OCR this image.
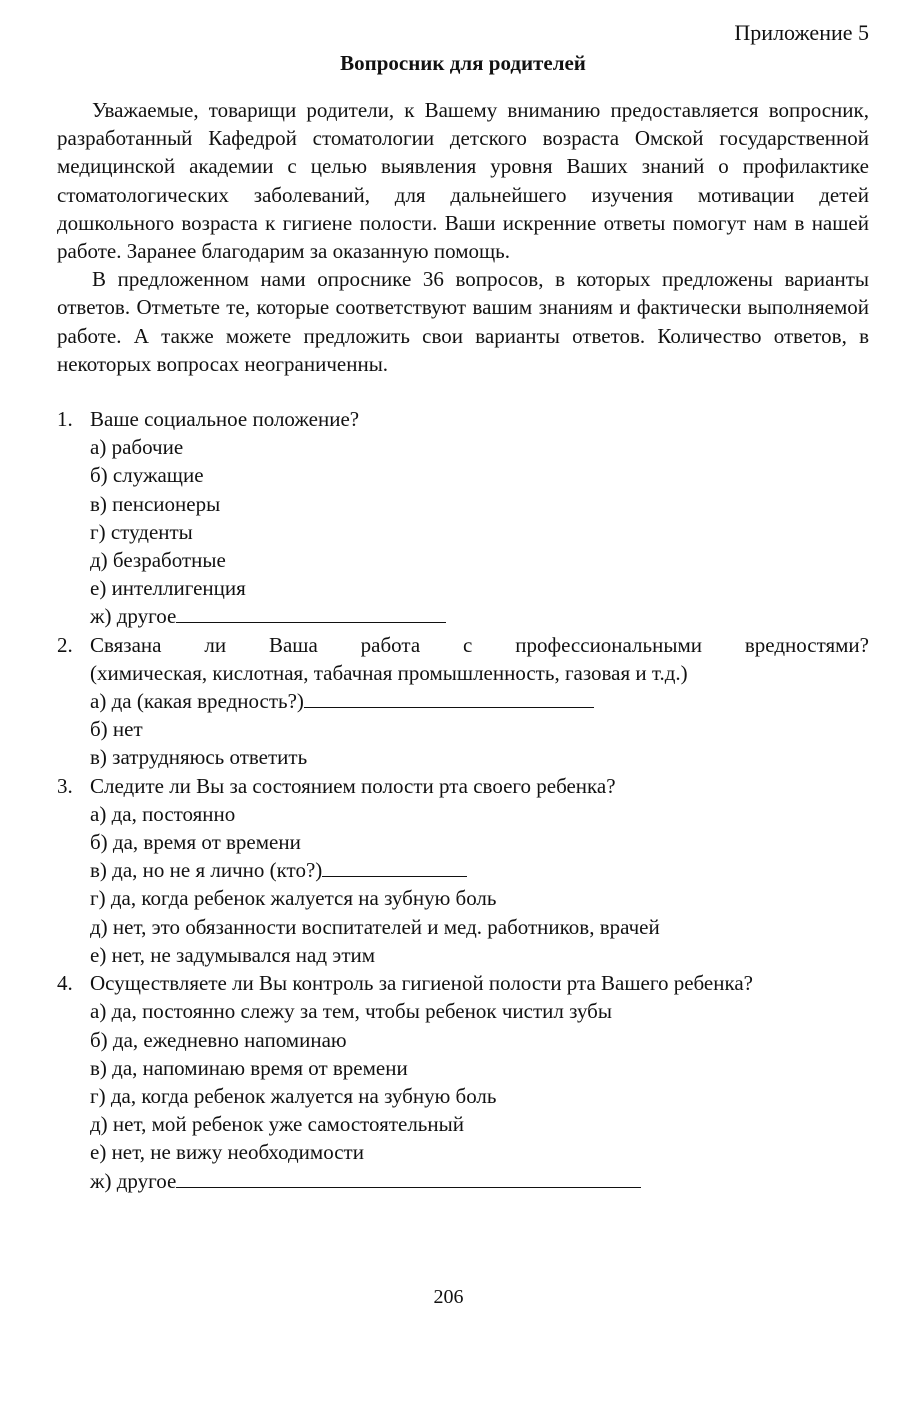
Приложение 5

Вопросник для родителей

Уважаемые, товарищи родители, к Вашему вниманию предоставляется вопросник, разработанный Кафедрой стоматологии детского возраста Омской государственной медицинской академии с целью выявления уровня Ваших знаний о профилактике стоматологических заболеваний, для дальнейшего изучения мотивации детей дошкольного возраста к гигиене полости. Ваши искренние ответы помогут нам в нашей работе. Заранее благодарим за оказанную помощь.

В предложенном нами опроснике 36 вопросов, в которых предложены варианты ответов. Отметьте те, которые соответствуют вашим знаниям и фактически выполняемой работе. А также можете предложить свои варианты ответов. Количество ответов, в некоторых вопросах неограниченны.

1. Ваше социальное положение?
а) рабочие
б) служащие
в) пенсионеры
г) студенты
д) безработные
е) интеллигенция
ж) другое
2. Связана ли Ваша работа с профессиональными вредностями?
(химическая, кислотная, табачная промышленность, газовая и т.д.)
а) да (какая вредность?)
б) нет
в) затрудняюсь ответить
3. Следите ли Вы за состоянием полости рта своего ребенка?
а) да, постоянно
б) да, время от времени
в) да, но не я лично (кто?)
г) да, когда ребенок жалуется на зубную боль
д) нет, это обязанности воспитателей и мед. работников, врачей
е) нет, не задумывался над этим
4. Осуществляете ли Вы контроль за гигиеной полости рта Вашего ребенка?
а) да, постоянно слежу за тем, чтобы ребенок чистил зубы
б) да, ежедневно напоминаю
в) да, напоминаю время от времени
г) да, когда ребенок жалуется на зубную боль
д) нет, мой ребенок уже самостоятельный
е) нет, не вижу необходимости
ж) другое
206
